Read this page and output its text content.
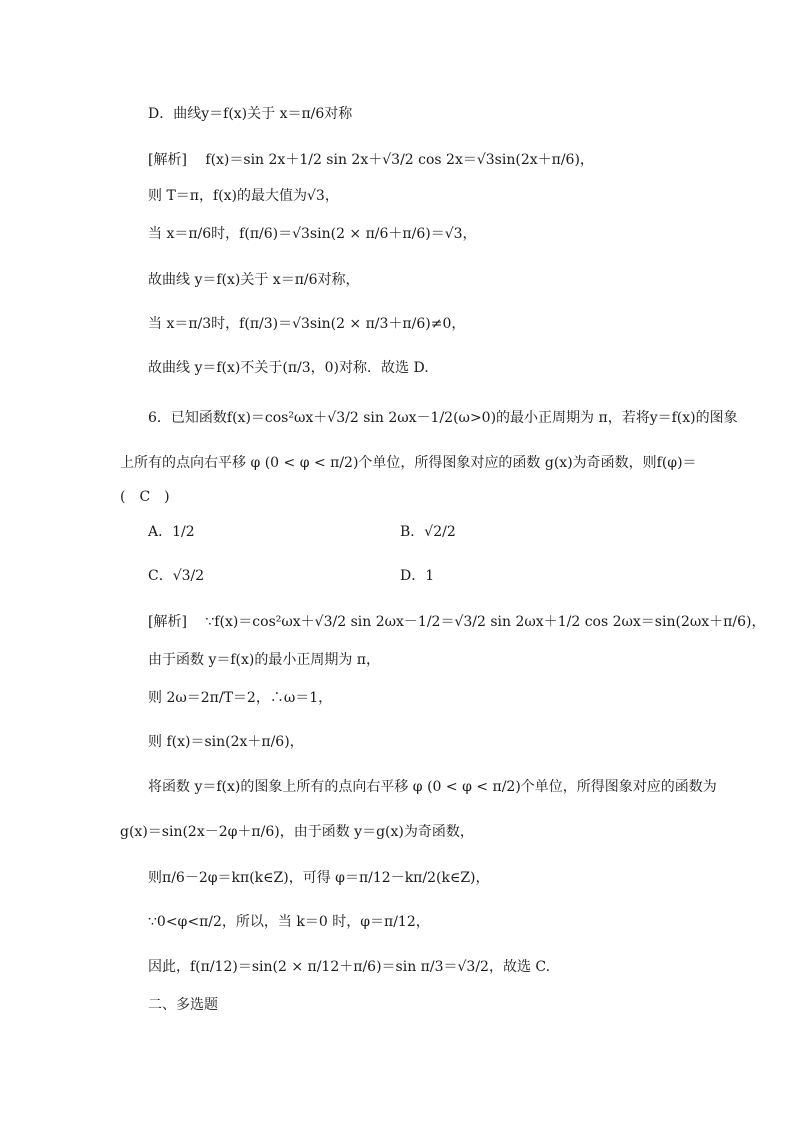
D．曲线y＝f(x)关于 x＝π/6对称
[解析] f(x)＝sin 2x＋1/2 sin 2x＋√3/2 cos 2x＝√3sin(2x＋π/6)，
则 T＝π，f(x)的最大值为√3，
当 x＝π/6时，f(π/6)＝√3sin(2 × π/6＋π/6)＝√3，
故曲线 y＝f(x)关于 x＝π/6对称，
当 x＝π/3时，f(π/3)＝√3sin(2 × π/3＋π/6)≠0，
故曲线 y＝f(x)不关于(π/3，0)对称．故选 D.
6．已知函数f(x)＝cos²ωx＋√3/2 sin 2ωx－1/2(ω>0)的最小正周期为 π，若将y＝f(x)的图象
上所有的点向右平移 φ (0 < φ < π/2)个单位，所得图象对应的函数 g(x)为奇函数，则f(φ)＝
(　C　)
A．1/2	B．√2/2
C．√3/2	D．1
[解析] ∵f(x)＝cos²ωx＋√3/2 sin 2ωx－1/2＝√3/2 sin 2ωx＋1/2 cos 2ωx＝sin(2ωx＋π/6)，
由于函数 y＝f(x)的最小正周期为 π，
则 2ω＝2π/T＝2，∴ω＝1，
则 f(x)＝sin(2x＋π/6)，
将函数 y＝f(x)的图象上所有的点向右平移 φ (0 < φ < π/2)个单位，所得图象对应的函数为
g(x)＝sin(2x－2φ＋π/6)，由于函数 y＝g(x)为奇函数，
则π/6－2φ＝kπ(k∈Z)，可得 φ＝π/12－kπ/2(k∈Z)，
∵0<φ<π/2，所以，当 k＝0 时，φ＝π/12，
因此，f(π/12)＝sin(2 × π/12＋π/6)＝sin π/3＝√3/2，故选 C.
二、多选题
